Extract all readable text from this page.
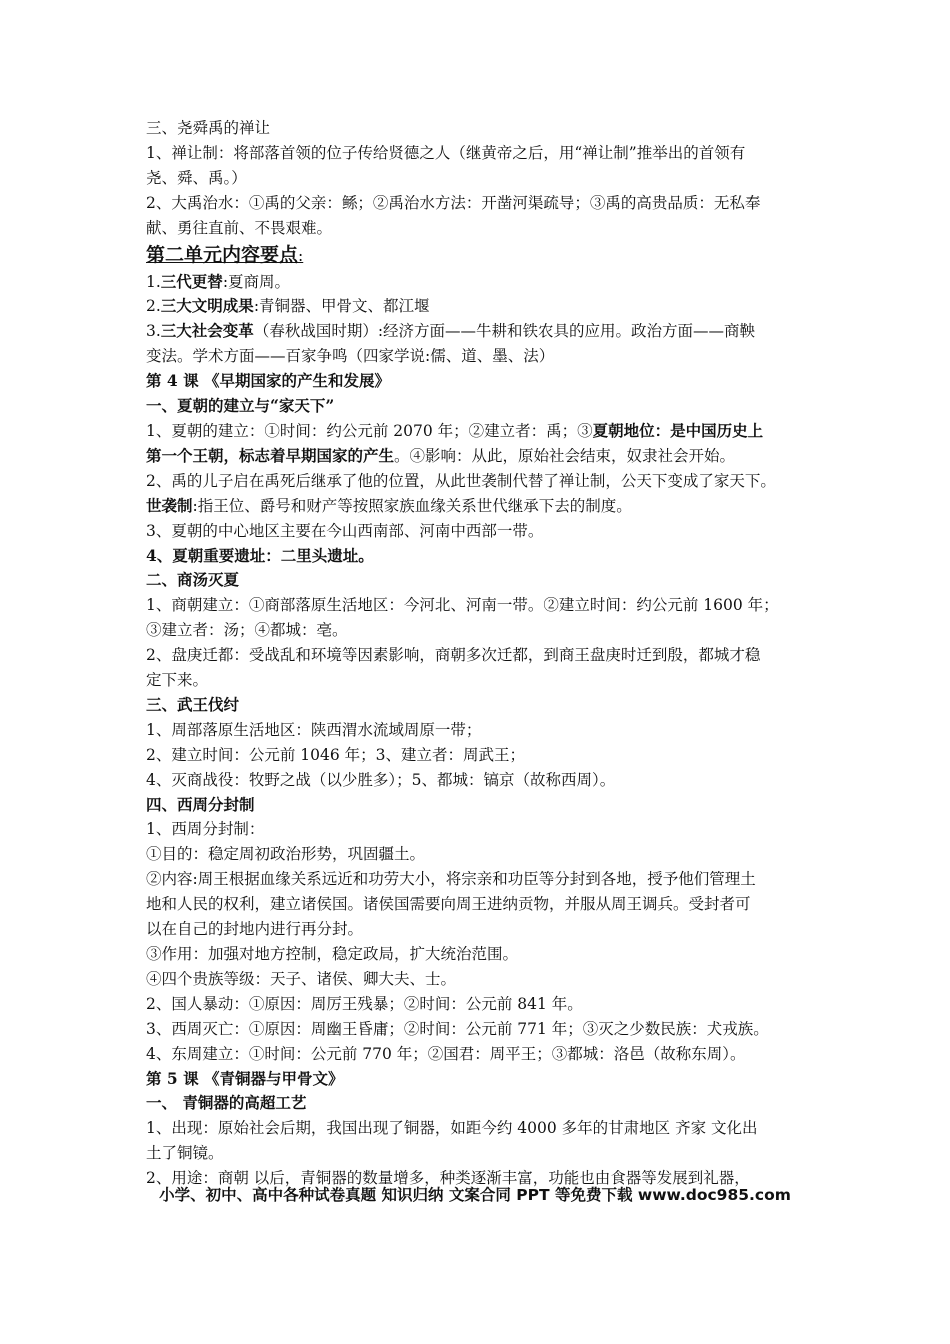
三、尧舜禹的禅让
1、禅让制：将部落首领的位子传给贤德之人（继黄帝之后，用“禅让制”推举出的首领有
尧、舜、禹。）
2、大禹治水：①禹的父亲：鲧；②禹治水方法：开凿河渠疏导；③禹的高贵品质：无私奉
献、勇往直前、不畏艰难。
第二单元内容要点:
1.三代更替:夏商周。
2.三大文明成果:青铜器、甲骨文、都江堰
3.三大社会变革（春秋战国时期）:经济方面——牛耕和铁农具的应用。政治方面——商鞅
变法。学术方面——百家争鸣（四家学说:儒、道、墨、法）
第 4 课 《早期国家的产生和发展》
一、夏朝的建立与“家天下”
1、夏朝的建立：①时间：约公元前 2070 年；②建立者：禹；③夏朝地位：是中国历史上
第一个王朝，标志着早期国家的产生。④影响：从此，原始社会结束，奴隶社会开始。
2、禹的儿子启在禹死后继承了他的位置，从此世袭制代替了禅让制，公天下变成了家天下。
世袭制:指王位、爵号和财产等按照家族血缘关系世代继承下去的制度。
3、夏朝的中心地区主要在今山西南部、河南中西部一带。
4、夏朝重要遗址：二里头遗址。
二、商汤灭夏
1、商朝建立：①商部落原生活地区：今河北、河南一带。②建立时间：约公元前 1600 年；
③建立者：汤；④都城：亳。
2、盘庚迁都：受战乱和环境等因素影响，商朝多次迁都，到商王盘庚时迁到殷，都城才稳
定下来。
三、武王伐纣
1、周部落原生活地区：陕西渭水流域周原一带；
2、建立时间：公元前 1046 年；3、建立者：周武王；
4、灭商战役：牧野之战（以少胜多）；5、都城：镐京（故称西周）。
四、西周分封制
1、西周分封制：
①目的：稳定周初政治形势，巩固疆土。
②内容:周王根据血缘关系远近和功劳大小，将宗亲和功臣等分封到各地，授予他们管理土
地和人民的权利，建立诸侯国。诸侯国需要向周王进纳贡物，并服从周王调兵。受封者可
以在自己的封地内进行再分封。
③作用：加强对地方控制，稳定政局，扩大统治范围。
④四个贵族等级：天子、诸侯、卿大夫、士。
2、国人暴动：①原因：周厉王残暴；②时间：公元前 841 年。
3、西周灭亡：①原因：周幽王昏庸；②时间：公元前 771 年；③灭之少数民族：犬戎族。
4、东周建立：①时间：公元前 770 年；②国君：周平王；③都城：洛邑（故称东周）。
第 5 课 《青铜器与甲骨文》
一、 青铜器的高超工艺
1、出现：原始社会后期，我国出现了铜器，如距今约 4000 多年的甘肃地区 齐家 文化出
土了铜镜。
2、用途：商朝 以后，青铜器的数量增多，种类逐渐丰富，功能也由食器等发展到礼器，
小学、初中、高中各种试卷真题 知识归纳 文案合同 PPT 等免费下载 www.doc985.com
